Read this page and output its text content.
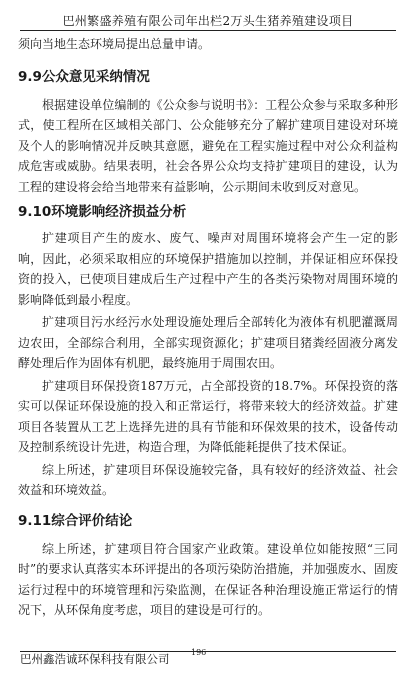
巴州繁盛养殖有限公司年出栏2万头生猪养殖建设项目

须向当地生态环境局提出总量申请。

9.9公众意见采纳情况

根据建设单位编制的《公众参与说明书》：工程公众参与采取多种形式，使工程所在区域相关部门、公众能够充分了解扩建项目建设对环境及个人的影响情况并反映其意愿，避免在工程实施过程中对公众利益构成危害或威胁。结果表明，社会各界公众均支持扩建项目的建设，认为工程的建设将会给当地带来有益影响，公示期间未收到反对意见。

9.10环境影响经济损益分析

扩建项目产生的废水、废气、噪声对周围环境将会产生一定的影响，因此，必须采取相应的环境保护措施加以控制，并保证相应环保投资的投入，已使项目建成后生产过程中产生的各类污染物对周围环境的影响降低到最小程度。

扩建项目污水经污水处理设施处理后全部转化为液体有机肥灌溉周边农田，全部综合利用，全部实现资源化；扩建项目猪粪经固液分离发酵处理后作为固体有机肥，最终施用于周围农田。

扩建项目环保投资187万元，占全部投资的18.7%。环保投资的落实可以保证环保设施的投入和正常运行，将带来较大的经济效益。扩建项目各装置从工艺上选择先进的具有节能和环保效果的技术，设备传动及控制系统设计先进，构造合理，为降低能耗提供了技术保证。

综上所述，扩建项目环保设施较完备，具有较好的经济效益、社会效益和环境效益。

9.11综合评价结论

综上所述，扩建项目符合国家产业政策。建设单位如能按照“三同时”的要求认真落实本环评提出的各项污染防治措施，并加强废水、固废运行过程中的环境管理和污染监测，在保证各种治理设施正常运行的情况下，从环保角度考虑，项目的建设是可行的。

巴州鑫浩诚环保科技有限公司	196
